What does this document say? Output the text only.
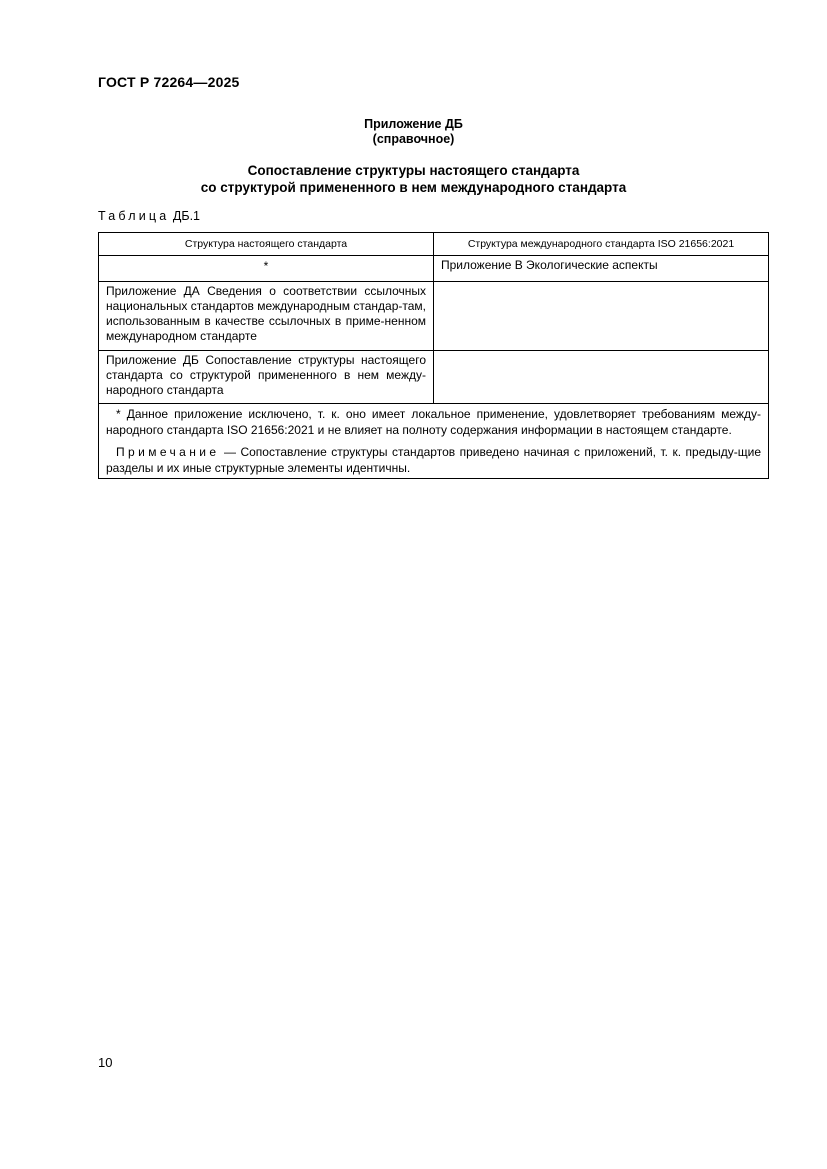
ГОСТ Р 72264—2025
Приложение ДБ
(справочное)
Сопоставление структуры настоящего стандарта
со структурой примененного в нем международного стандарта
Таблица ДБ.1
Структура настоящего стандарта	Структура международного стандарта ISO 21656:2021
*	Приложение В Экологические аспекты
Приложение ДА Сведения о соответствии ссылочных национальных стандартов международным стандар-там, использованным в качестве ссылочных в приме-ненном международном стандарте	
Приложение ДБ Сопоставление структуры настоящего стандарта со структурой примененного в нем между-народного стандарта	

* Данное приложение исключено, т. к. оно имеет локальное применение, удовлетворяет требованиям между-народного стандарта ISO 21656:2021 и не влияет на полноту содержания информации в настоящем стандарте.

Примечание — Сопоставление структуры стандартов приведено начиная с приложений, т. к. предыду-щие разделы и их иные структурные элементы идентичны.	

10
